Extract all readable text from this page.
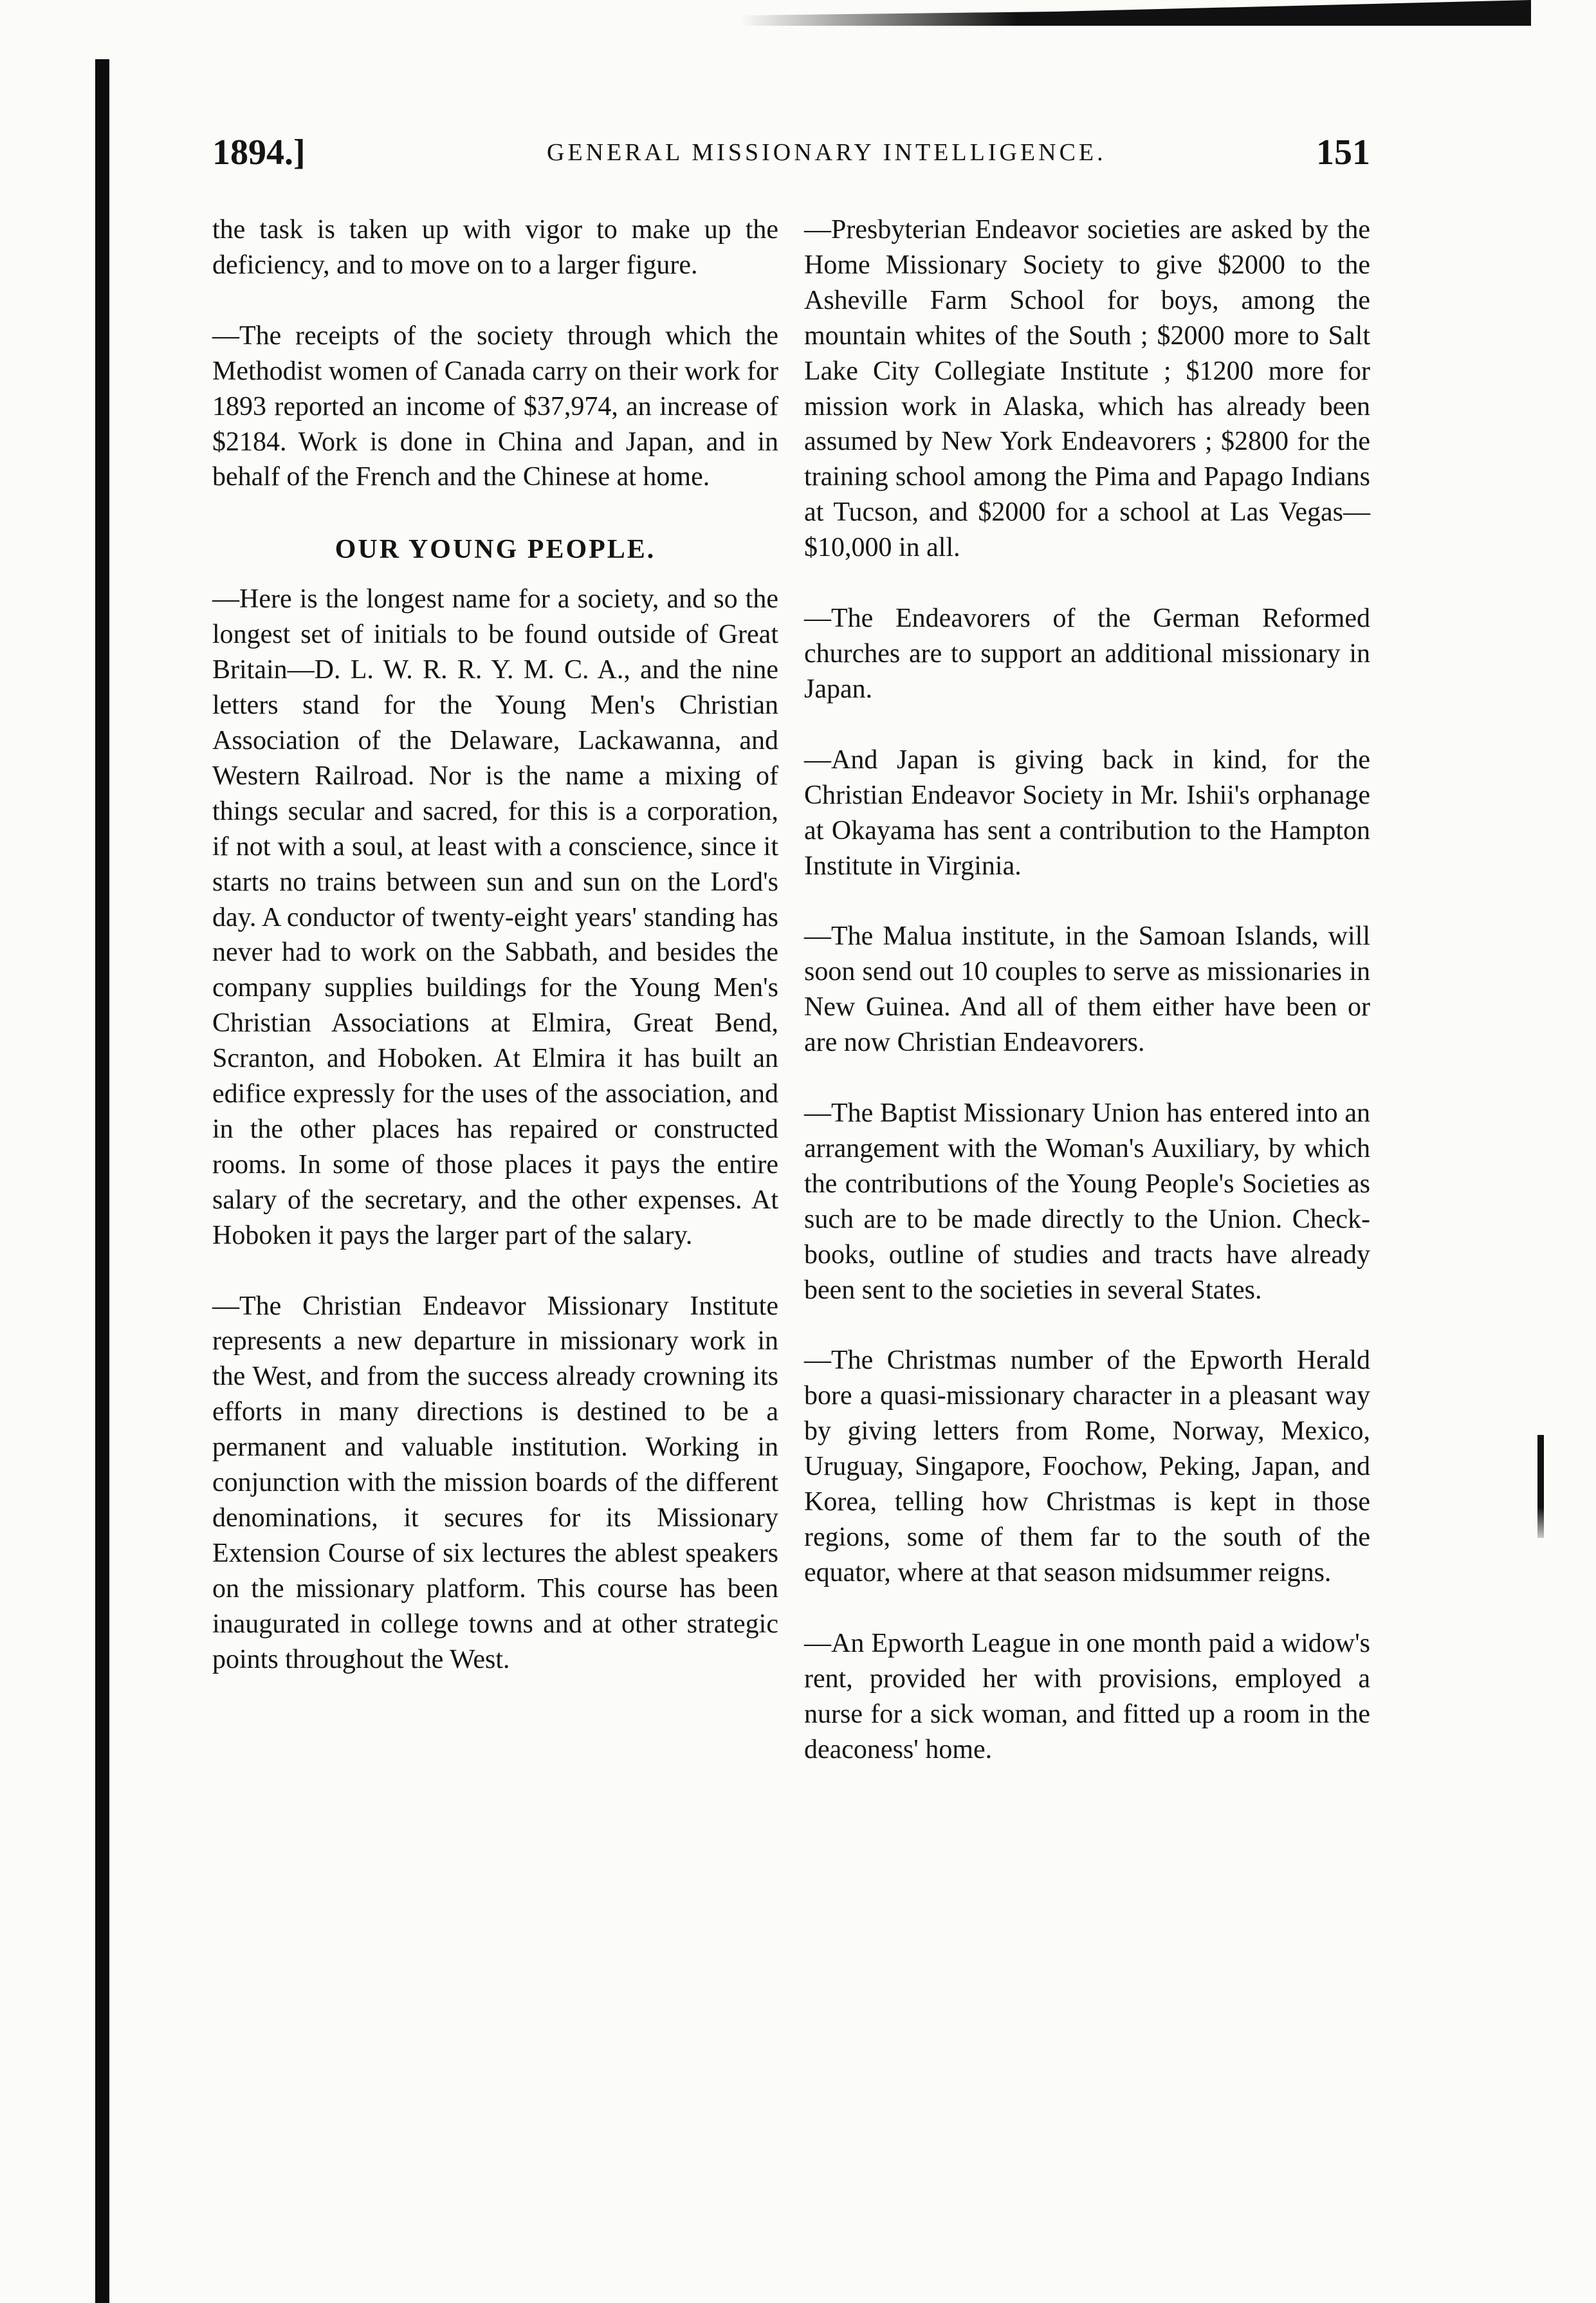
1894.]	GENERAL MISSIONARY INTELLIGENCE.	151

the task is taken up with vigor to make up the deficiency, and to move on to a larger figure.

—The receipts of the society through which the Methodist women of Canada carry on their work for 1893 reported an income of $37,974, an increase of $2184. Work is done in China and Japan, and in behalf of the French and the Chinese at home.

OUR YOUNG PEOPLE.

—Here is the longest name for a society, and so the longest set of initials to be found outside of Great Britain—D. L. W. R. R. Y. M. C. A., and the nine letters stand for the Young Men's Christian Association of the Delaware, Lackawanna, and Western Railroad. Nor is the name a mixing of things secular and sacred, for this is a corporation, if not with a soul, at least with a conscience, since it starts no trains between sun and sun on the Lord's day. A conductor of twenty-eight years' standing has never had to work on the Sabbath, and besides the company supplies buildings for the Young Men's Christian Associations at Elmira, Great Bend, Scranton, and Hoboken. At Elmira it has built an edifice expressly for the uses of the association, and in the other places has repaired or constructed rooms. In some of those places it pays the entire salary of the secretary, and the other expenses. At Hoboken it pays the larger part of the salary.

—The Christian Endeavor Missionary Institute represents a new departure in missionary work in the West, and from the success already crowning its efforts in many directions is destined to be a permanent and valuable institution. Working in conjunction with the mission boards of the different denominations, it secures for its Missionary Extension Course of six lectures the ablest speakers on the missionary platform. This course has been inaugurated in college towns and at other strategic points throughout the West.

—Presbyterian Endeavor societies are asked by the Home Missionary Society to give $2000 to the Asheville Farm School for boys, among the mountain whites of the South ; $2000 more to Salt Lake City Collegiate Institute ; $1200 more for mission work in Alaska, which has already been assumed by New York Endeavorers ; $2800 for the training school among the Pima and Papago Indians at Tucson, and $2000 for a school at Las Vegas—$10,000 in all.

—The Endeavorers of the German Reformed churches are to support an additional missionary in Japan.

—And Japan is giving back in kind, for the Christian Endeavor Society in Mr. Ishii's orphanage at Okayama has sent a contribution to the Hampton Institute in Virginia.

—The Malua institute, in the Samoan Islands, will soon send out 10 couples to serve as missionaries in New Guinea. And all of them either have been or are now Christian Endeavorers.

—The Baptist Missionary Union has entered into an arrangement with the Woman's Auxiliary, by which the contributions of the Young People's Societies as such are to be made directly to the Union. Check-books, outline of studies and tracts have already been sent to the societies in several States.

—The Christmas number of the Epworth Herald bore a quasi-missionary character in a pleasant way by giving letters from Rome, Norway, Mexico, Uruguay, Singapore, Foochow, Peking, Japan, and Korea, telling how Christmas is kept in those regions, some of them far to the south of the equator, where at that season midsummer reigns.

—An Epworth League in one month paid a widow's rent, provided her with provisions, employed a nurse for a sick woman, and fitted up a room in the deaconess' home.
